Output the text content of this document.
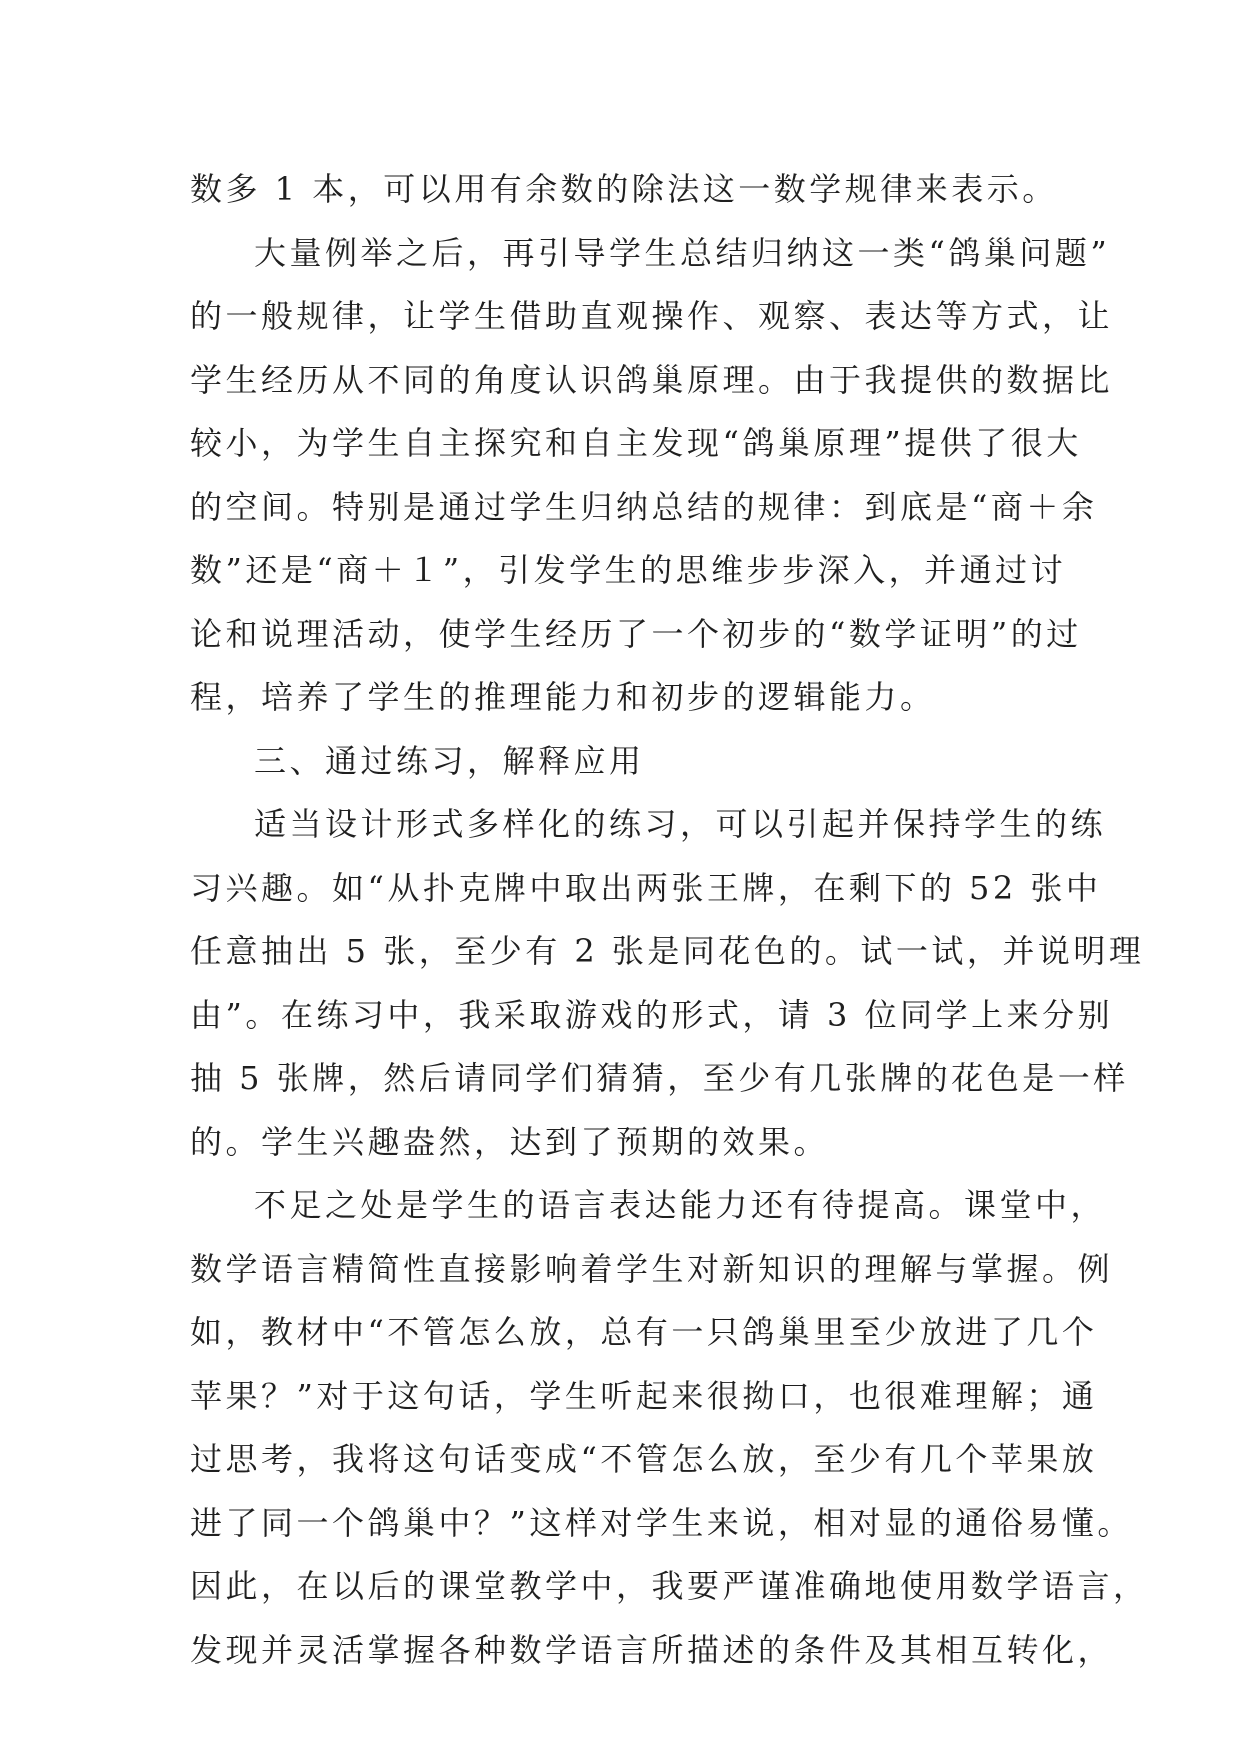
数多 1 本，可以用有余数的除法这一数学规律来表示。
大量例举之后，再引导学生总结归纳这一类“鸽巢问题”
的一般规律，让学生借助直观操作、观察、表达等方式，让
学生经历从不同的角度认识鸽巢原理。由于我提供的数据比
较小，为学生自主探究和自主发现“鸽巢原理”提供了很大
的空间。特别是通过学生归纳总结的规律：到底是“商＋余
数”还是“商＋１”，引发学生的思维步步深入，并通过讨
论和说理活动，使学生经历了一个初步的“数学证明”的过
程，培养了学生的推理能力和初步的逻辑能力。
三、通过练习，解释应用
适当设计形式多样化的练习，可以引起并保持学生的练
习兴趣。如“从扑克牌中取出两张王牌，在剩下的 52 张中
任意抽出 5 张，至少有 2 张是同花色的。试一试，并说明理
由”。在练习中，我采取游戏的形式，请 3 位同学上来分别
抽 5 张牌，然后请同学们猜猜，至少有几张牌的花色是一样
的。学生兴趣盎然，达到了预期的效果。
不足之处是学生的语言表达能力还有待提高。课堂中，
数学语言精简性直接影响着学生对新知识的理解与掌握。例
如，教材中“不管怎么放，总有一只鸽巢里至少放进了几个
苹果？”对于这句话，学生听起来很拗口，也很难理解；通
过思考，我将这句话变成“不管怎么放，至少有几个苹果放
进了同一个鸽巢中？”这样对学生来说，相对显的通俗易懂。
因此，在以后的课堂教学中，我要严谨准确地使用数学语言，
发现并灵活掌握各种数学语言所描述的条件及其相互转化，
